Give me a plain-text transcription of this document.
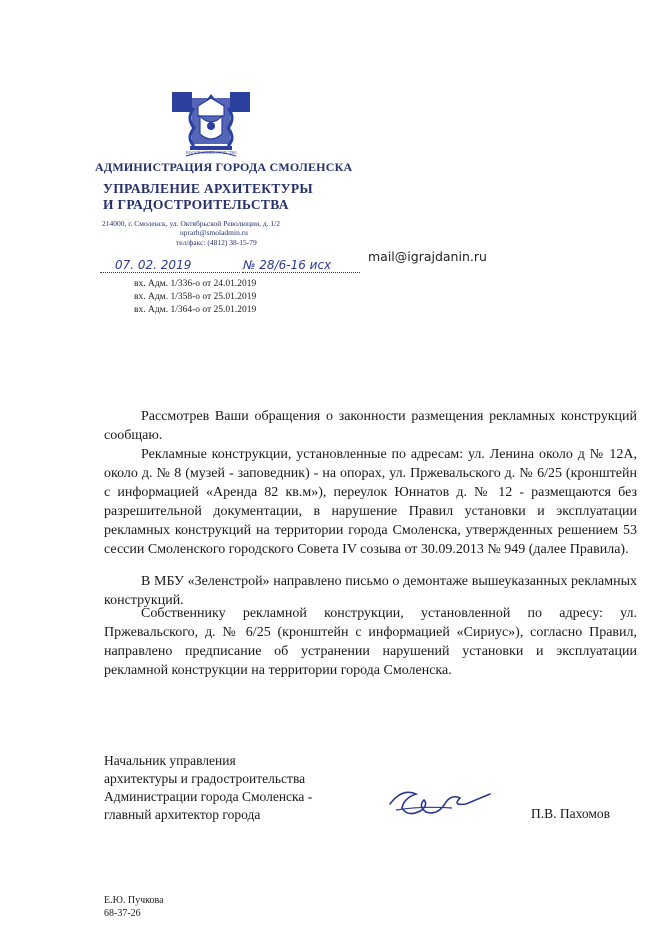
ВОСКРЕСЕНИЕ ОТЧЕСТВА
АДМИНИСТРАЦИЯ ГОРОДА СМОЛЕНСКА
УПРАВЛЕНИЕ АРХИТЕКТУРЫ
И ГРАДОСТРОИТЕЛЬСТВА
214000, г. Смоленск, ул. Октябрьской Революции, д. 1/2
uprarh@smoladmin.ru
тел/факс: (4812) 38-15-79
07. 02. 2019	№ 28/6-16 исх
mail@igrajdanin.ru
вх. Адм. 1/336-о от 24.01.2019
вх. Адм. 1/358-о от 25.01.2019
вх. Адм. 1/364-о от 25.01.2019

Рассмотрев Ваши обращения о законности размещения рекламных конструкций сообщаю.

Рекламные конструкции, установленные по адресам: ул. Ленина около д № 12А, около д. № 8 (музей - заповедник) - на опорах, ул. Пржевальского д. № 6/25 (кронштейн с информацией «Аренда 82 кв.м»), переулок Юннатов д. № 12 - размещаются без разрешительной документации, в нарушение Правил установки и эксплуатации рекламных конструкций на территории города Смоленска, утвержденных решением 53 сессии Смоленского городского Совета IV созыва от 30.09.2013 № 949 (далее Правила).

В МБУ «Зеленстрой» направлено письмо о демонтаже вышеуказанных рекламных конструкций.

Собственнику рекламной конструкции, установленной по адресу: ул. Пржевальского, д. № 6/25 (кронштейн с информацией «Сириус»), согласно Правил, направлено предписание об устранении нарушений установки и эксплуатации рекламной конструкции на территории города Смоленска.

Начальник управления
архитектуры и градостроительства
Администрации города Смоленска -
главный архитектор города	П.В. Пахомов
Е.Ю. Пучкова
68-37-26
